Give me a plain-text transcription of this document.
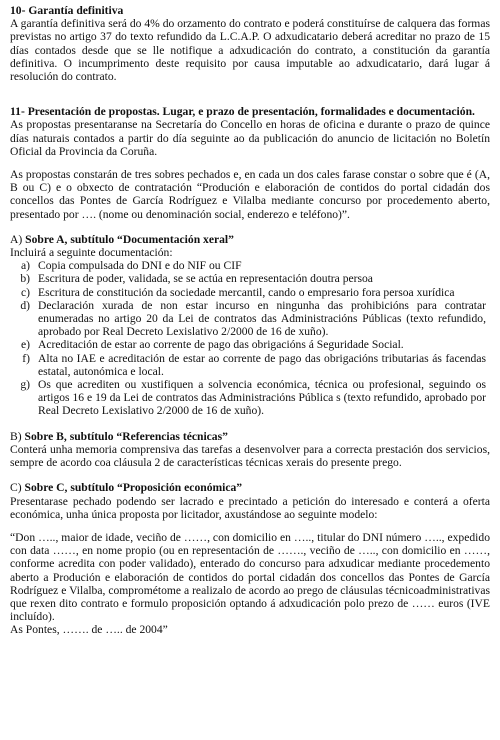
10- Garantía definitiva

A garantía definitiva será do 4% do orzamento do contrato e poderá constituírse de calquera das formas previstas no artigo 37 do texto refundido da L.C.A.P. O adxudicatario deberá acreditar no prazo de 15 días contados desde que se lle notifique a adxudicación do contrato, a constitución da garantía definitiva. O incumprimento deste requisito por causa imputable ao adxudicatario, dará lugar á resolución do contrato.

11- Presentación de propostas. Lugar, e prazo de presentación, formalidades e documentación.

As propostas presentaranse na Secretaría do Concello en horas de oficina e durante o prazo de quince días naturais contados a partir do día seguinte ao da publicación do anuncio de licitación no Boletín Oficial da Provincia da Coruña.

As propostas constarán de tres sobres pechados e, en cada un dos cales farase constar o sobre que é (A, B ou C) e o obxecto de contratación “Produción e elaboración de contidos do portal cidadán dos concellos das Pontes de García Rodríguez e Vilalba mediante concurso por procedemento aberto, presentado por …. (nome ou denominación social, enderezo e teléfono)”.

A) Sobre A, subtítulo “Documentación xeral”

Incluirá a seguinte documentación:

a) Copia compulsada do DNI e do NIF ou CIF
b) Escritura de poder, validada, se se actúa en representación doutra persoa
c) Escritura de constitución da sociedade mercantil, cando o empresario fora persoa xurídica
d) Declaración xurada de non estar incurso en ningunha das prohibicións para contratar enumeradas no artigo 20 da Lei de contratos das Administracións Públicas (texto refundido, aprobado por Real Decreto Lexislativo 2/2000 de 16 de xuño).
e) Acreditación de estar ao corrente de pago das obrigacións á Seguridade Social.
f) Alta no IAE e acreditación de estar ao corrente de pago das obrigacións tributarias ás facendas estatal, autonómica e local.
g) Os que acrediten ou xustifiquen a solvencia económica, técnica ou profesional, seguindo os artigos 16 e 19 da Lei de contratos das Administracións Pública s (texto refundido, aprobado por Real Decreto Lexislativo 2/2000 de 16 de xuño).

B) Sobre B, subtítulo “Referencias técnicas”

Conterá unha memoria comprensiva das tarefas a desenvolver para a correcta prestación dos servicios, sempre de acordo coa cláusula 2 de características técnicas xerais do presente prego.

C) Sobre C, subtítulo “Proposición económica”

Presentarase pechado podendo ser lacrado e precintado a petición do interesado e conterá a oferta económica, unha única proposta por licitador, axustándose ao seguinte modelo:

“Don ….., maior de idade, veciño de ……, con domicilio en ….., titular do DNI número ….., expedido con data ……, en nome propio (ou en representación de ……., veciño de ….., con domicilio en ……, conforme acredita con poder validado), enterado do concurso para adxudicar mediante procedemento aberto a Produción e elaboración de contidos do portal cidadán dos concellos das Pontes de García Rodríguez e Vilalba, comprométome a realizalo de acordo ao prego de cláusulas técnicoadministrativas que rexen dito contrato e formulo proposición optando á adxudicación polo prezo de …… euros (IVE incluído).

As Pontes, ……. de ….. de 2004”
